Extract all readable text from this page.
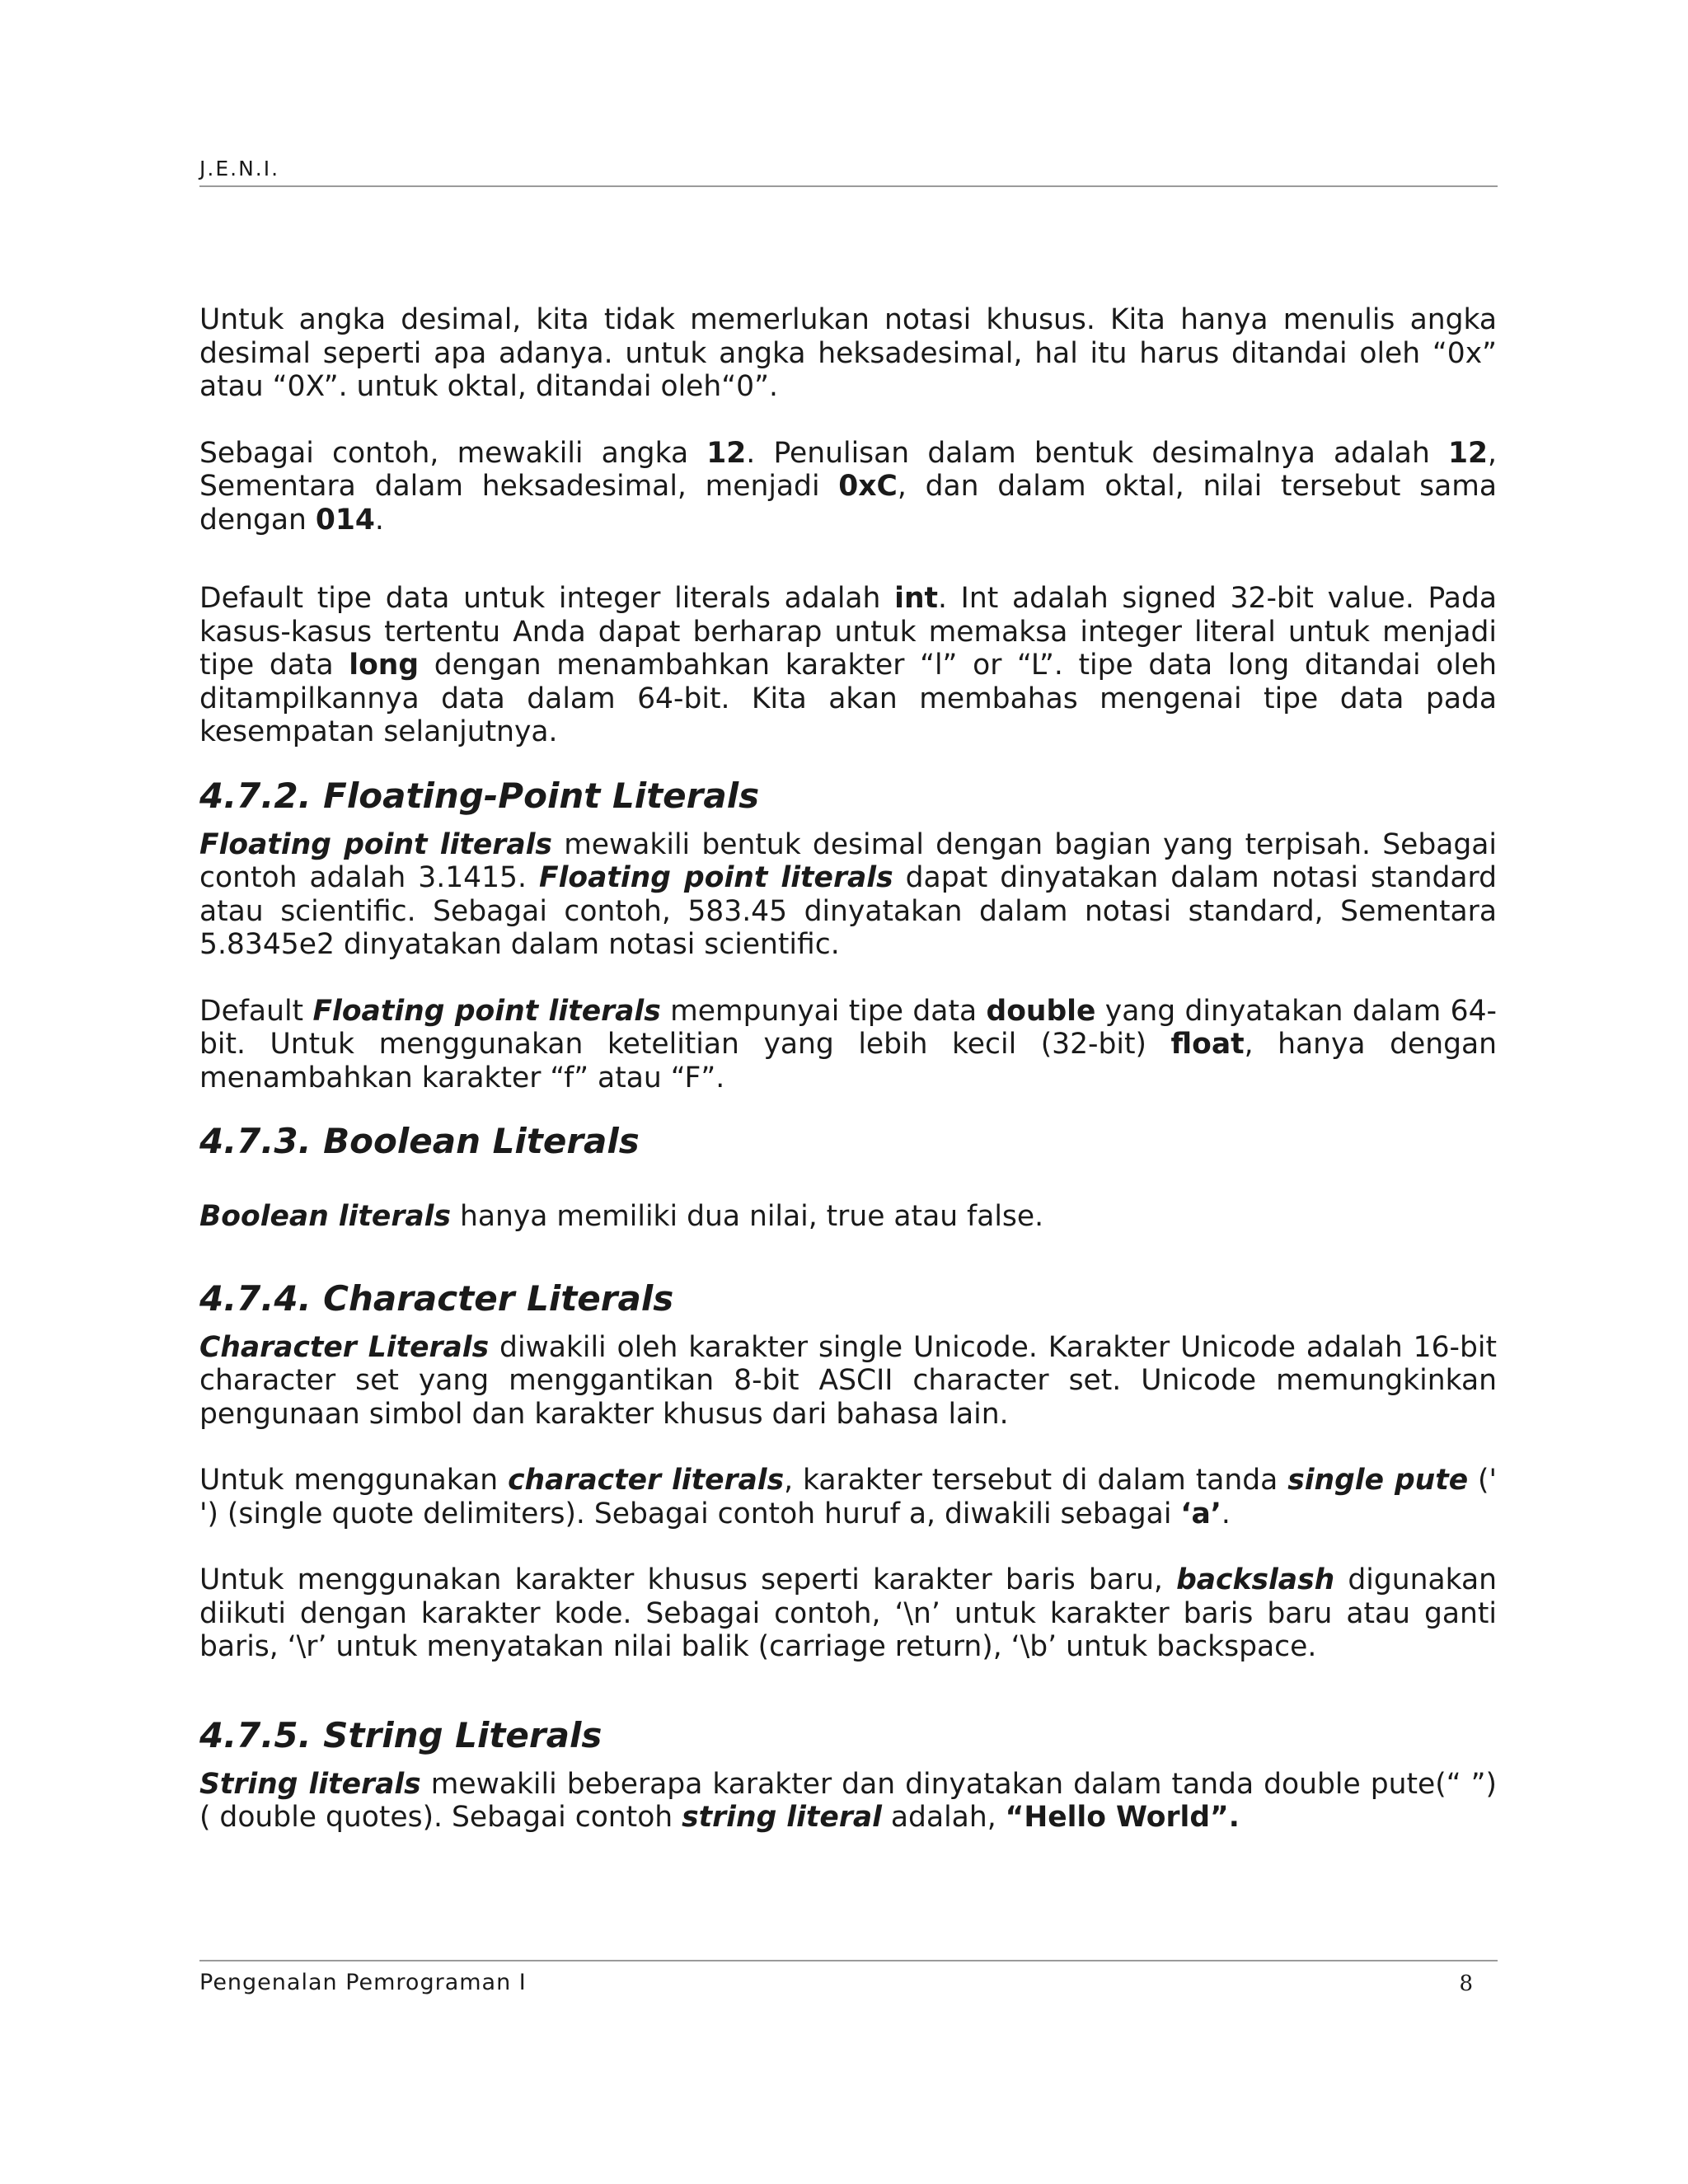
J.E.N.I.

Untuk angka desimal, kita tidak memerlukan notasi khusus. Kita hanya menulis angka desimal seperti apa adanya. untuk angka heksadesimal, hal itu harus ditandai oleh “0x” atau “0X”. untuk oktal, ditandai oleh“0”.

Sebagai contoh, mewakili angka 12. Penulisan dalam bentuk desimalnya adalah 12, Sementara dalam heksadesimal, menjadi 0xC, dan dalam oktal, nilai tersebut sama dengan 014.

Default tipe data untuk integer literals adalah int. Int adalah signed 32-bit value. Pada kasus-kasus tertentu Anda dapat berharap untuk memaksa integer literal untuk menjadi tipe data long dengan menambahkan karakter “l” or “L”. tipe data long ditandai oleh ditampilkannya data dalam 64-bit. Kita akan membahas mengenai tipe data pada kesempatan selanjutnya.

4.7.2. Floating-Point Literals

Floating point literals mewakili bentuk desimal dengan bagian yang terpisah. Sebagai contoh adalah 3.1415. Floating point literals dapat dinyatakan dalam notasi standard atau scientific. Sebagai contoh, 583.45 dinyatakan dalam notasi standard, Sementara 5.8345e2 dinyatakan dalam notasi scientific.

Default Floating point literals mempunyai tipe data double yang dinyatakan dalam 64-bit. Untuk menggunakan ketelitian yang lebih kecil (32-bit) float, hanya dengan menambahkan karakter “f” atau “F”.

4.7.3. Boolean Literals

Boolean literals hanya memiliki dua nilai, true atau false.

4.7.4. Character Literals

Character Literals diwakili oleh karakter single Unicode. Karakter Unicode adalah 16-bit character set yang menggantikan 8-bit ASCII character set. Unicode memungkinkan pengunaan simbol dan karakter khusus dari bahasa lain.

Untuk menggunakan character literals, karakter tersebut di dalam tanda single pute (' ') (single quote delimiters). Sebagai contoh huruf a, diwakili sebagai ‘a’.

Untuk menggunakan karakter khusus seperti karakter baris baru, backslash digunakan diikuti dengan karakter kode. Sebagai contoh, ‘\n’ untuk karakter baris baru atau ganti baris, ‘\r’ untuk menyatakan nilai balik (carriage return), ‘\b’ untuk backspace.

4.7.5. String Literals

String literals mewakili beberapa karakter dan dinyatakan dalam tanda double pute(“ ”)( double quotes). Sebagai contoh string literal adalah, “Hello World”.

Pengenalan Pemrograman I	8
